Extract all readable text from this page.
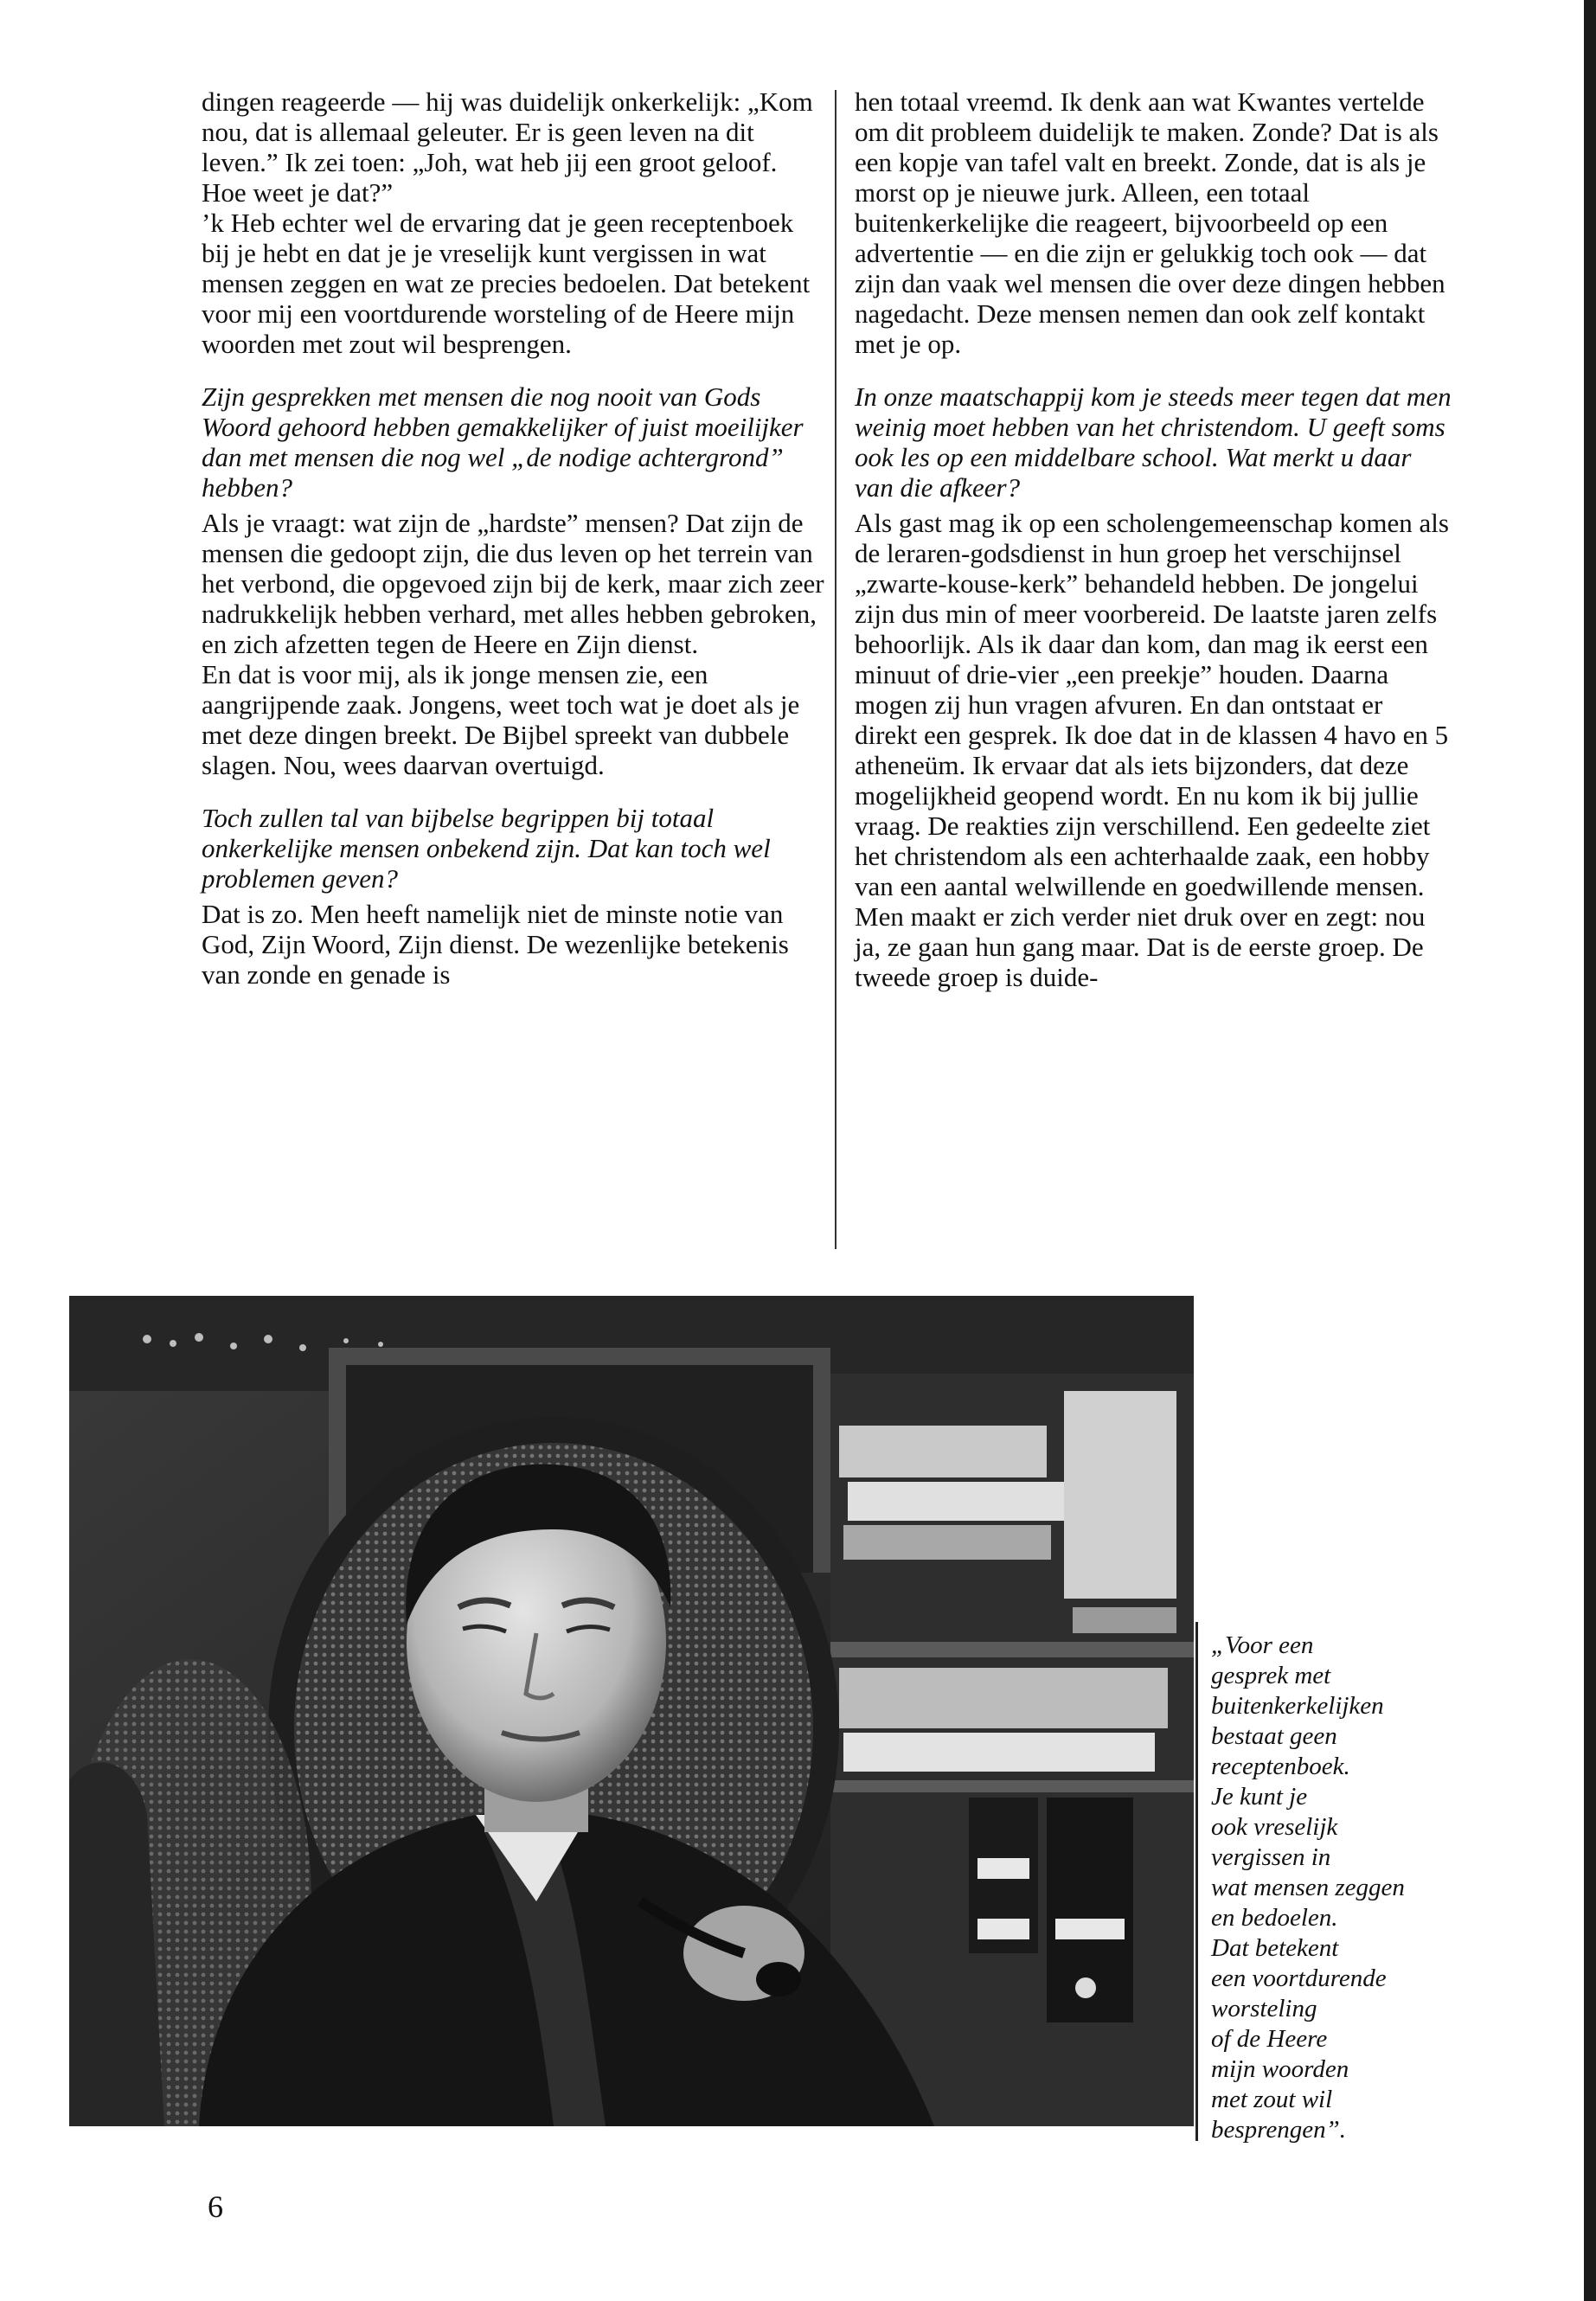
dingen reageerde — hij was duidelijk onkerkelijk: „Kom nou, dat is allemaal geleuter. Er is geen leven na dit leven.” Ik zei toen: „Joh, wat heb jij een groot geloof. Hoe weet je dat?”

’k Heb echter wel de ervaring dat je geen receptenboek bij je hebt en dat je je vreselijk kunt vergissen in wat mensen zeggen en wat ze precies bedoelen. Dat betekent voor mij een voortdurende worsteling of de Heere mijn woorden met zout wil besprengen.

Zijn gesprekken met mensen die nog nooit van Gods Woord gehoord hebben gemakkelijker of juist moeilijker dan met mensen die nog wel „de nodige achtergrond” hebben?

Als je vraagt: wat zijn de „hardste” mensen? Dat zijn de mensen die gedoopt zijn, die dus leven op het terrein van het verbond, die opgevoed zijn bij de kerk, maar zich zeer nadrukkelijk hebben verhard, met alles hebben gebroken, en zich afzetten tegen de Heere en Zijn dienst.

En dat is voor mij, als ik jonge mensen zie, een aangrijpende zaak. Jongens, weet toch wat je doet als je met deze dingen breekt. De Bijbel spreekt van dubbele slagen. Nou, wees daarvan overtuigd.

Toch zullen tal van bijbelse begrippen bij totaal onkerkelijke mensen onbekend zijn. Dat kan toch wel problemen geven?

Dat is zo. Men heeft namelijk niet de minste notie van God, Zijn Woord, Zijn dienst. De wezenlijke betekenis van zonde en genade is

hen totaal vreemd. Ik denk aan wat Kwantes vertelde om dit probleem duidelijk te maken. Zonde? Dat is als een kopje van tafel valt en breekt. Zonde, dat is als je morst op je nieuwe jurk. Alleen, een totaal buitenkerkelijke die reageert, bijvoorbeeld op een advertentie — en die zijn er gelukkig toch ook — dat zijn dan vaak wel mensen die over deze dingen hebben nagedacht. Deze mensen nemen dan ook zelf kontakt met je op.

In onze maatschappij kom je steeds meer tegen dat men weinig moet hebben van het christendom. U geeft soms ook les op een middelbare school. Wat merkt u daar van die afkeer?

Als gast mag ik op een scholengemeenschap komen als de leraren-godsdienst in hun groep het verschijnsel „zwarte-kouse-kerk” behandeld hebben. De jongelui zijn dus min of meer voorbereid. De laatste jaren zelfs behoorlijk. Als ik daar dan kom, dan mag ik eerst een minuut of drie-vier „een preekje” houden. Daarna mogen zij hun vragen afvuren. En dan ontstaat er direkt een gesprek. Ik doe dat in de klassen 4 havo en 5 atheneüm. Ik ervaar dat als iets bijzonders, dat deze mogelijkheid geopend wordt. En nu kom ik bij jullie vraag. De reakties zijn verschillend. Een gedeelte ziet het christendom als een achterhaalde zaak, een hobby van een aantal welwillende en goedwillende mensen. Men maakt er zich verder niet druk over en zegt: nou ja, ze gaan hun gang maar. Dat is de eerste groep. De tweede groep is duide-

„Voor een
gesprek met
buitenkerkelijken
bestaat geen
receptenboek.
Je kunt je
ook vreselijk
vergissen in
wat mensen zeggen
en bedoelen.
Dat betekent
een voortdurende
worsteling
of de Heere
mijn woorden
met zout wil
besprengen”.
6
